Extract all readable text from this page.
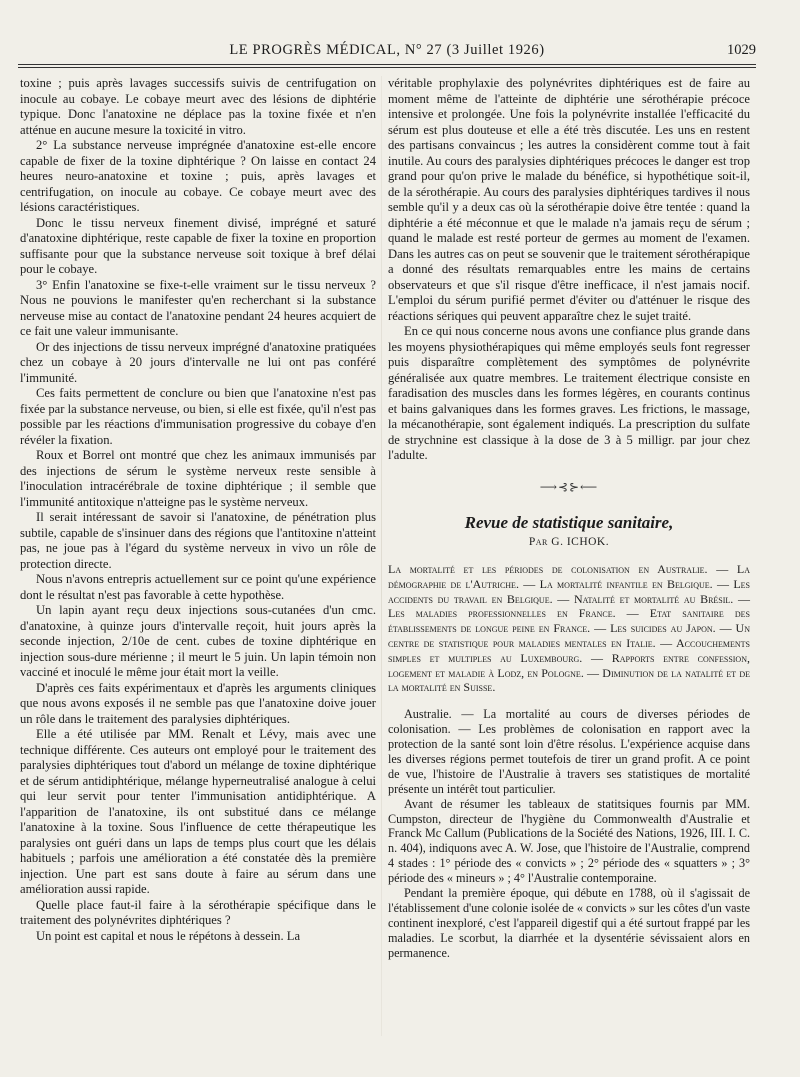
LE PROGRÈS MÉDICAL, N° 27 (3 Juillet 1926)	1029

toxine ; puis après lavages successifs suivis de centrifugation on inocule au cobaye. Le cobaye meurt avec des lésions de diphtérie typique. Donc l'anatoxine ne déplace pas la toxine fixée et n'en atténue en aucune mesure la toxicité in vitro.

2° La substance nerveuse imprégnée d'anatoxine est-elle encore capable de fixer de la toxine diphtérique ? On laisse en contact 24 heures neuro-anatoxine et toxine ; puis, après lavages et centrifugation, on inocule au cobaye. Ce cobaye meurt avec des lésions caractéristiques.

Donc le tissu nerveux finement divisé, imprégné et saturé d'anatoxine diphtérique, reste capable de fixer la toxine en proportion suffisante pour que la substance nerveuse soit toxique à bref délai pour le cobaye.

3° Enfin l'anatoxine se fixe-t-elle vraiment sur le tissu nerveux ? Nous ne pouvions le manifester qu'en recherchant si la substance nerveuse mise au contact de l'anatoxine pendant 24 heures acquiert de ce fait une valeur immunisante.

Or des injections de tissu nerveux imprégné d'anatoxine pratiquées chez un cobaye à 20 jours d'intervalle ne lui ont pas conféré l'immunité.

Ces faits permettent de conclure ou bien que l'anatoxine n'est pas fixée par la substance nerveuse, ou bien, si elle est fixée, qu'il n'est pas possible par les réactions d'immunisation progressive du cobaye d'en révéler la fixation.

Roux et Borrel ont montré que chez les animaux immunisés par des injections de sérum le système nerveux reste sensible à l'inoculation intracérébrale de toxine diphtérique ; il semble que l'immunité antitoxique n'atteigne pas le système nerveux.

Il serait intéressant de savoir si l'anatoxine, de pénétration plus subtile, capable de s'insinuer dans des régions que l'antitoxine n'atteint pas, ne joue pas à l'égard du système nerveux in vivo un rôle de protection directe.

Nous n'avons entrepris actuellement sur ce point qu'une expérience dont le résultat n'est pas favorable à cette hypothèse.

Un lapin ayant reçu deux injections sous-cutanées d'un cmc. d'anatoxine, à quinze jours d'intervalle reçoit, huit jours après la seconde injection, 2/10e de cent. cubes de toxine diphtérique en injection sous-dure mérienne ; il meurt le 5 juin. Un lapin témoin non vacciné et inoculé le même jour était mort la veille.

D'après ces faits expérimentaux et d'après les arguments cliniques que nous avons exposés il ne semble pas que l'anatoxine doive jouer un rôle dans le traitement des paralysies diphtériques.

Elle a été utilisée par MM. Renalt et Lévy, mais avec une technique différente. Ces auteurs ont employé pour le traitement des paralysies diphtériques tout d'abord un mélange de toxine diphtérique et de sérum antidiphtérique, mélange hyperneutralisé analogue à celui qui leur servit pour tenter l'immunisation antidiphtérique. A l'apparition de l'anatoxine, ils ont substitué dans ce mélange l'anatoxine à la toxine. Sous l'influence de cette thérapeutique les paralysies ont guéri dans un laps de temps plus court que les délais habituels ; parfois une amélioration a été constatée dès la première injection. Une part est sans doute à faire au sérum dans une amélioration aussi rapide.

Quelle place faut-il faire à la sérothérapie spécifique dans le traitement des polynévrites diphtériques ?

Un point est capital et nous le répétons à dessein. La

véritable prophylaxie des polynévrites diphtériques est de faire au moment même de l'atteinte de diphtérie une sérothérapie précoce intensive et prolongée. Une fois la polynévrite installée l'efficacité du sérum est plus douteuse et elle a été très discutée. Les uns en restent des partisans convaincus ; les autres la considèrent comme tout à fait inutile. Au cours des paralysies diphtériques précoces le danger est trop grand pour qu'on prive le malade du bénéfice, si hypothétique soit-il, de la sérothérapie. Au cours des paralysies diphtériques tardives il nous semble qu'il y a deux cas où la sérothérapie doive être tentée : quand la diphtérie a été méconnue et que le malade n'a jamais reçu de sérum ; quand le malade est resté porteur de germes au moment de l'examen. Dans les autres cas on peut se souvenir que le traitement sérothérapique a donné des résultats remarquables entre les mains de certains observateurs et que s'il risque d'être inefficace, il n'est jamais nocif. L'emploi du sérum purifié permet d'éviter ou d'atténuer le risque des réactions sériques qui peuvent apparaître chez le sujet traité.

En ce qui nous concerne nous avons une confiance plus grande dans les moyens physiothérapiques qui même employés seuls font regresser puis disparaître complètement des symptômes de polynévrite généralisée aux quatre membres. Le traitement électrique consiste en faradisation des muscles dans les formes légères, en courants continus et bains galvaniques dans les formes graves. Les frictions, le massage, la mécanothérapie, sont également indiqués. La prescription du sulfate de strychnine est classique à la dose de 3 à 5 milligr. par jour chez l'adulte.

⟶⊰⊱⟵
Revue de statistique sanitaire,
Par G. ICHOK.

La mortalité et les périodes de colonisation en Australie. — La démographie de l'Autriche. — La mortalité infantile en Belgique. — Les accidents du travail en Belgique. — Natalité et mortalité au Brésil. — Les maladies professionnelles en France. — Etat sanitaire des établissements de longue peine en France. — Les suicides au Japon. — Un centre de statistique pour maladies mentales en Italie. — Accouchements simples et multiples au Luxembourg. — Rapports entre confession, logement et maladie à Lodz, en Pologne. — Diminution de la natalité et de la mortalité en Suisse.

Australie. — La mortalité au cours de diverses périodes de colonisation. — Les problèmes de colonisation en rapport avec la protection de la santé sont loin d'être résolus. L'expérience acquise dans les diverses régions permet toutefois de tirer un grand profit. A ce point de vue, l'histoire de l'Australie à travers ses statistiques de mortalité présente un intérêt tout particulier.

Avant de résumer les tableaux de statitsiques fournis par MM. Cumpston, directeur de l'hygiène du Commonwealth d'Australie et Franck Mc Callum (Publications de la Société des Nations, 1926, III. I. C. n. 404), indiquons avec A. W. Jose, que l'histoire de l'Australie, comprend 4 stades : 1° période des « convicts » ; 2° période des « squatters » ; 3° période des « mineurs » ; 4° l'Australie contemporaine.

Pendant la première époque, qui débute en 1788, où il s'agissait de l'établissement d'une colonie isolée de « convicts » sur les côtes d'un vaste continent inexploré, c'est l'appareil digestif qui a été surtout frappé par les maladies. Le scorbut, la diarrhée et la dysentérie sévissaient alors en permanence.
